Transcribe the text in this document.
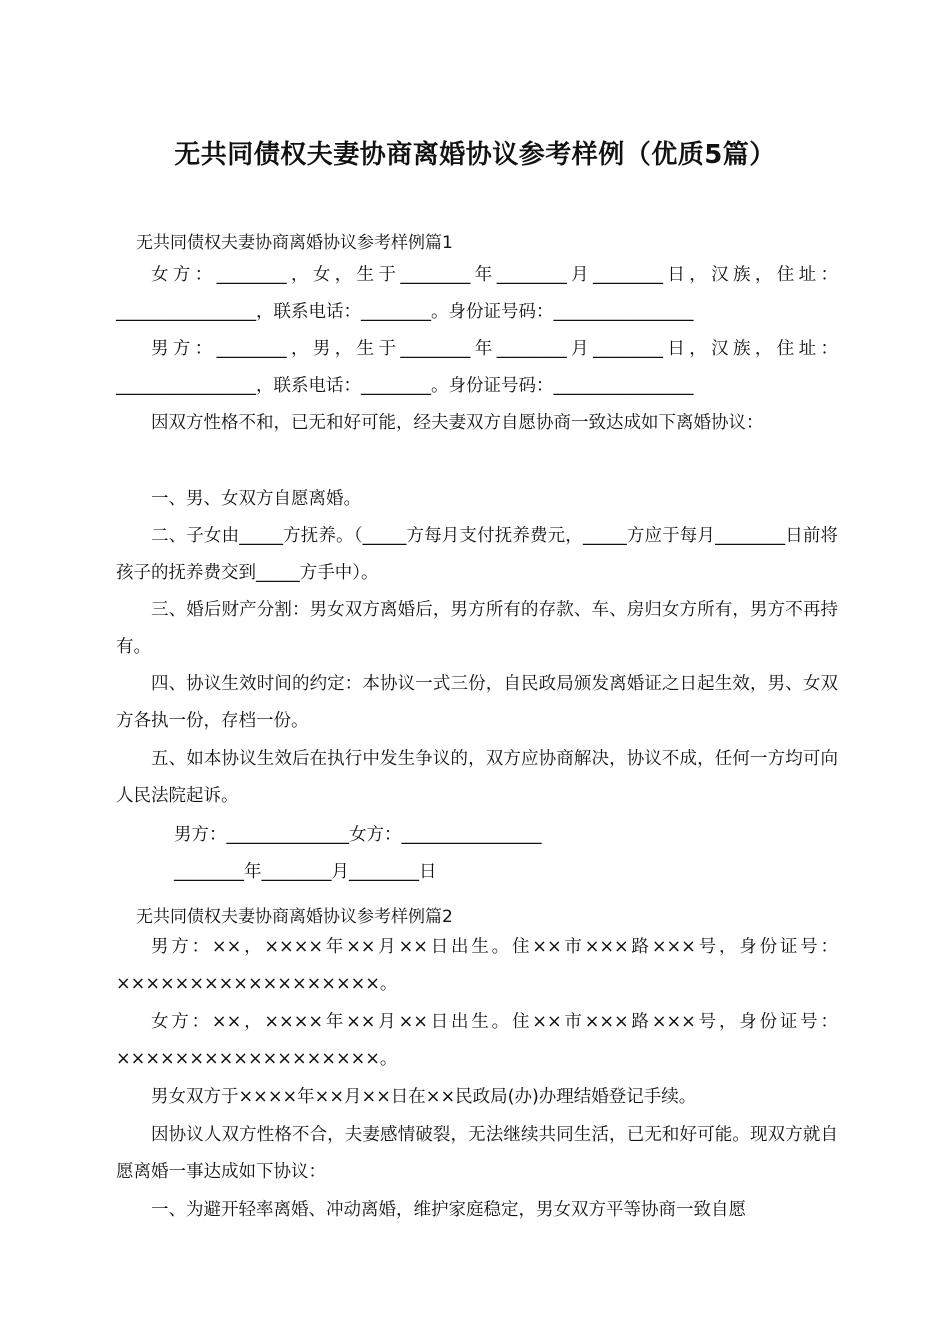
无共同债权夫妻协商离婚协议参考样例（优质5篇）

无共同债权夫妻协商离婚协议参考样例篇1

女方：________，女，生于________年________月________日，汉族，住址：________________，联系电话：________。身份证号码：________________

男方：________，男，生于________年________月________日，汉族，住址：________________，联系电话：________。身份证号码：________________

因双方性格不和，已无和好可能，经夫妻双方自愿协商一致达成如下离婚协议：

一、男、女双方自愿离婚。

二、子女由_____方抚养。（_____方每月支付抚养费元，_____方应于每月________日前将孩子的抚养费交到_____方手中）。

三、婚后财产分割：男女双方离婚后，男方所有的存款、车、房归女方所有，男方不再持有。

四、协议生效时间的约定：本协议一式三份，自民政局颁发离婚证之日起生效，男、女双方各执一份，存档一份。

五、如本协议生效后在执行中发生争议的，双方应协商解决，协议不成，任何一方均可向人民法院起诉。

男方：______________女方：________________

________年________月________日

无共同债权夫妻协商离婚协议参考样例篇2

男方：××，××××年××月××日出生。住××市×××路×××号，身份证号：××××××××××××××××××。

女方：××，××××年××月××日出生。住××市×××路×××号，身份证号：××××××××××××××××××。

男女双方于××××年××月××日在××民政局(办)办理结婚登记手续。

因协议人双方性格不合，夫妻感情破裂，无法继续共同生活，已无和好可能。现双方就自愿离婚一事达成如下协议：

一、为避开轻率离婚、冲动离婚，维护家庭稳定，男女双方平等协商一致自愿
